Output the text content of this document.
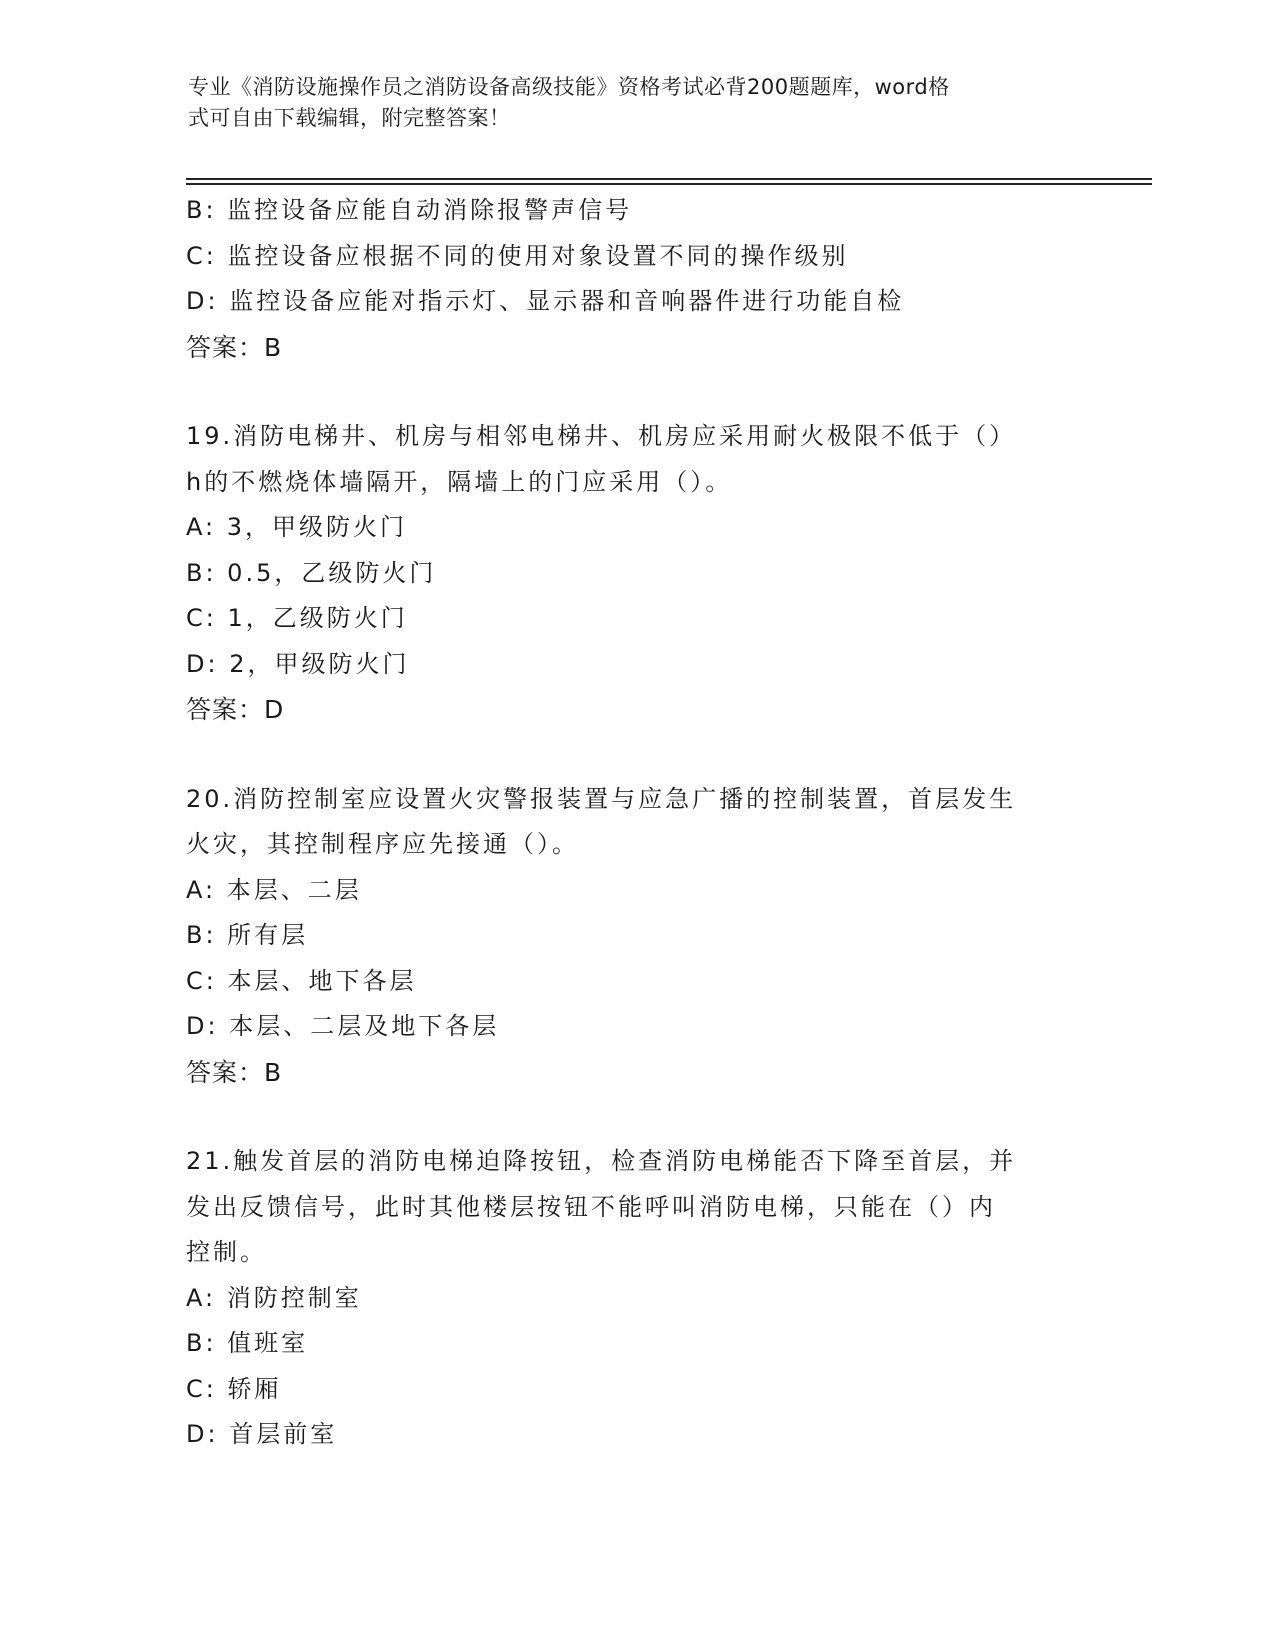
专业《消防设施操作员之消防设备高级技能》资格考试必背200题题库，word格
式可自由下载编辑，附完整答案！
B: 监控设备应能自动消除报警声信号
C: 监控设备应根据不同的使用对象设置不同的操作级别
D: 监控设备应能对指示灯、显示器和音响器件进行功能自检
答案：B
19.消防电梯井、机房与相邻电梯井、机房应采用耐火极限不低于（）
h的不燃烧体墙隔开，隔墙上的门应采用（）。
A: 3，甲级防火门
B: 0.5，乙级防火门
C: 1，乙级防火门
D: 2，甲级防火门
答案：D
20.消防控制室应设置火灾警报装置与应急广播的控制装置，首层发生
火灾，其控制程序应先接通（）。
A: 本层、二层
B: 所有层
C: 本层、地下各层
D: 本层、二层及地下各层
答案：B
21.触发首层的消防电梯迫降按钮，检查消防电梯能否下降至首层，并
发出反馈信号，此时其他楼层按钮不能呼叫消防电梯，只能在（）内
控制。
A: 消防控制室
B: 值班室
C: 轿厢
D: 首层前室
